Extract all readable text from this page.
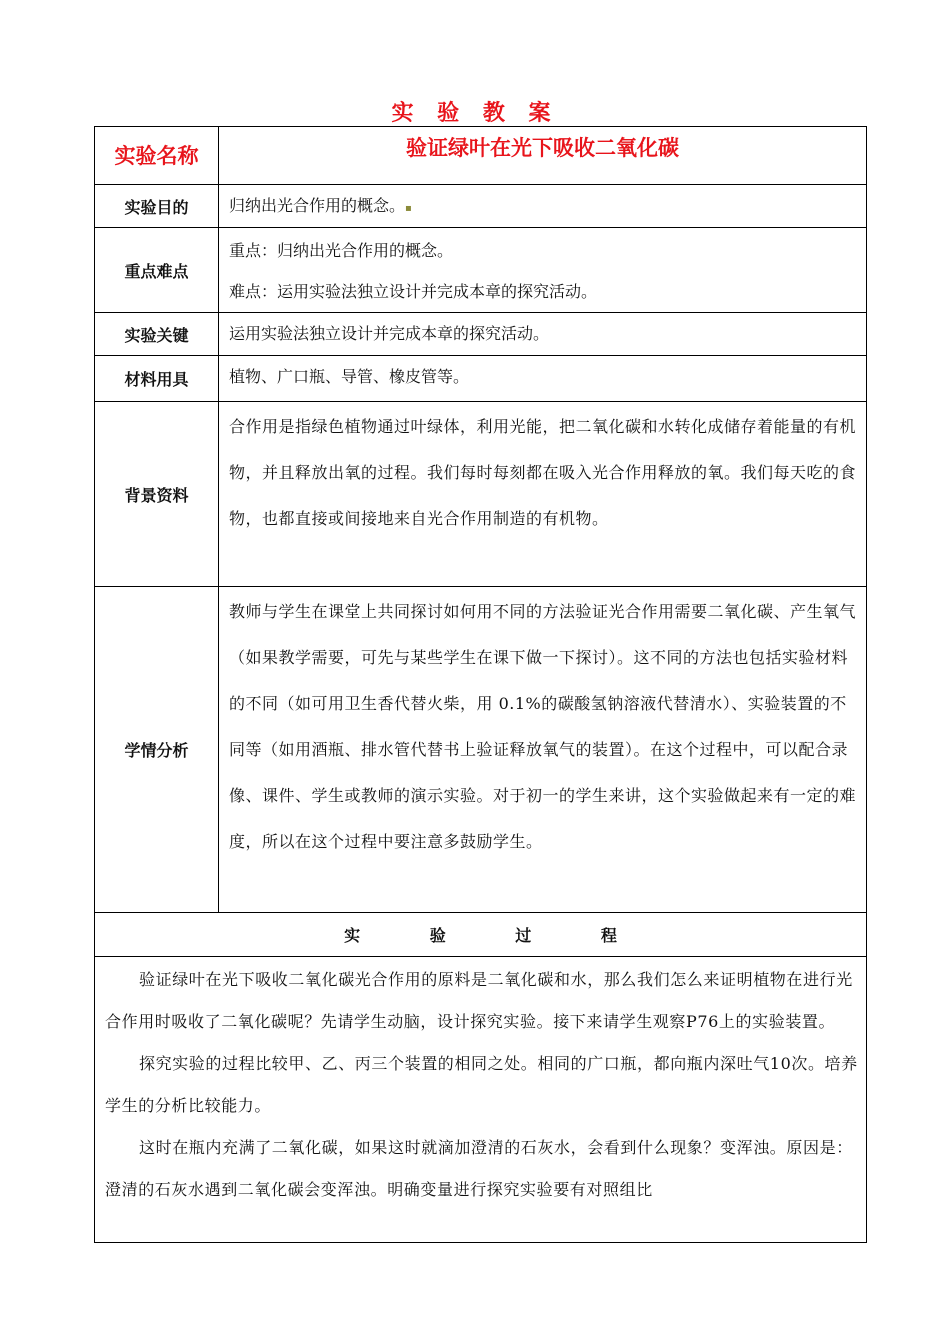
实 验 教 案
实验名称	验证绿叶在光下吸收二氧化碳
实验目的	归纳出光合作用的概念。▪
重点难点	重点：归纳出光合作用的概念。

难点：运用实验法独立设计并完成本章的探究活动。

实验关键	运用实验法独立设计并完成本章的探究活动。
材料用具	植物、广口瓶、导管、橡皮管等。
背景资料	合作用是指绿色植物通过叶绿体，利用光能，把二氧化碳和水转化成储存着能量的有机物，并且释放出氧的过程。我们每时每刻都在吸入光合作用释放的氧。我们每天吃的食物，也都直接或间接地来自光合作用制造的有机物。
学情分析	教师与学生在课堂上共同探讨如何用不同的方法验证光合作用需要二氧化碳、产生氧气（如果教学需要，可先与某些学生在课下做一下探讨）。这不同的方法也包括实验材料的不同（如可用卫生香代替火柴，用 0.1%的碳酸氢钠溶液代替清水）、实验装置的不同等（如用酒瓶、排水管代替书上验证释放氧气的装置）。在这个过程中，可以配合录像、课件、学生或教师的演示实验。对于初一的学生来讲，这个实验做起来有一定的难度，所以在这个过程中要注意多鼓励学生。
实 验 过 程	

验证绿叶在光下吸收二氧化碳光合作用的原料是二氧化碳和水，那么我们怎么来证明植物在进行光合作用时吸收了二氧化碳呢？先请学生动脑，设计探究实验。接下来请学生观察P76上的实验装置。

探究实验的过程比较甲、乙、丙三个装置的相同之处。相同的广口瓶，都向瓶内深吐气10次。培养学生的分析比较能力。

这时在瓶内充满了二氧化碳，如果这时就滴加澄清的石灰水，会看到什么现象？变浑浊。原因是：澄清的石灰水遇到二氧化碳会变浑浊。明确变量进行探究实验要有对照组比	
